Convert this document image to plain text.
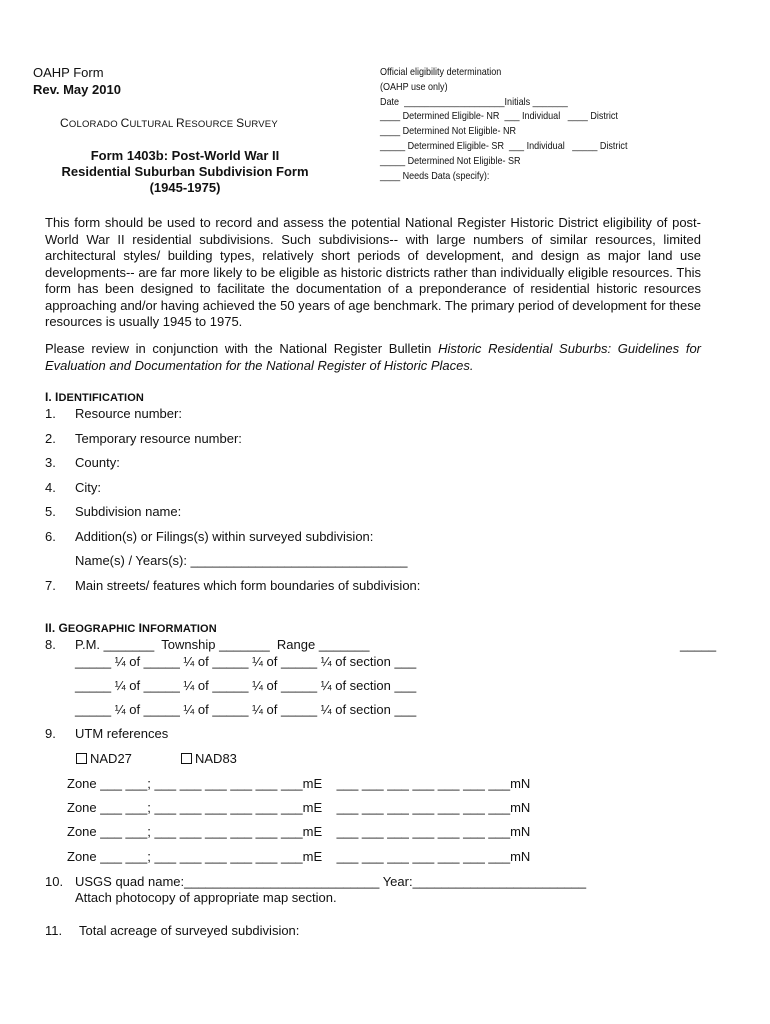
OAHP Form
Rev. May 2010
COLORADO CULTURAL RESOURCE SURVEY
Form 1403b: Post-World War II
Residential Suburban Subdivision Form
(1945-1975)
Official eligibility determination
(OAHP use only)
Date  ____________________Initials _______
____ Determined Eligible- NR  ___ Individual   ____ District
____ Determined Not Eligible- NR
_____ Determined Eligible- SR  ___ Individual   _____ District
_____ Determined Not Eligible- SR
____ Needs Data (specify):
This form should be used to record and assess the potential National Register Historic District eligibility of post-World War II residential subdivisions. Such subdivisions-- with large numbers of similar resources, limited architectural styles/ building types, relatively short periods of development, and design as major land use developments-- are far more likely to be eligible as historic districts rather than individually eligible resources. This form has been designed to facilitate the documentation of a preponderance of residential historic resources approaching and/or having achieved the 50 years of age benchmark. The primary period of development for these resources is usually 1945 to 1975.
Please review in conjunction with the National Register Bulletin Historic Residential Suburbs: Guidelines for Evaluation and Documentation for the National Register of Historic Places.
I. IDENTIFICATION
1. Resource number:
2. Temporary resource number:
3. County:
4. City:
5. Subdivision name:
6. Addition(s) or Filings(s) within surveyed subdivision:
Name(s) / Years(s): ______________________________
7. Main streets/ features which form boundaries of subdivision:
II. GEOGRAPHIC INFORMATION
8. P.M. _______  Township _______  Range _______	_____
_____ ¼ of _____ ¼ of _____ ¼ of _____ ¼ of section ___
_____ ¼ of _____ ¼ of _____ ¼ of _____ ¼ of section ___
_____ ¼ of _____ ¼ of _____ ¼ of _____ ¼ of section ___
9. UTM references
NAD27	NAD83
Zone ___ ___; ___ ___ ___ ___ ___ ___mE    ___ ___ ___ ___ ___ ___ ___mN
Zone ___ ___; ___ ___ ___ ___ ___ ___mE    ___ ___ ___ ___ ___ ___ ___mN
Zone ___ ___; ___ ___ ___ ___ ___ ___mE    ___ ___ ___ ___ ___ ___ ___mN
Zone ___ ___; ___ ___ ___ ___ ___ ___mE    ___ ___ ___ ___ ___ ___ ___mN
10. USGS quad name:___________________________ Year:________________________
Attach photocopy of appropriate map section.
11. Total acreage of surveyed subdivision:
